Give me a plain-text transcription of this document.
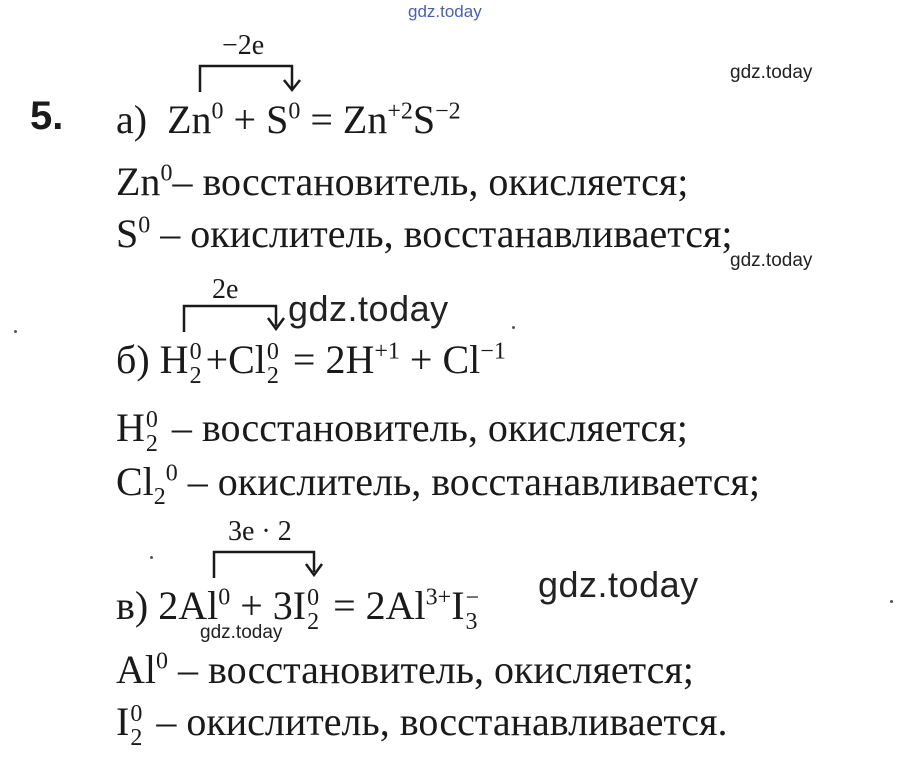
gdz.today
gdz.today
gdz.today
gdz.today
gdz.today
gdz.today
5.
−2e
а) $Zn^0 + S^0 = Zn^{+2}S^{-2}$
Zn$^0$– восстановитель, окисляется;
$S^0$ – окислитель, восстанавливается;
2e
б) H 0
2 +Cl 0
$2 = 2H^{+1} + Cl^{-1}$
H 0
2 – восстановитель, окисляется;
$Cl_2^0$ – окислитель, восстанавливается;
3e · 2
в) $2Al^0 + 3I$ 0
$2 = 2Al^{3+}I$ −
3
Al$^0$ – восстановитель, окисляется;
I 0
2 – окислитель, восстанавливается.
